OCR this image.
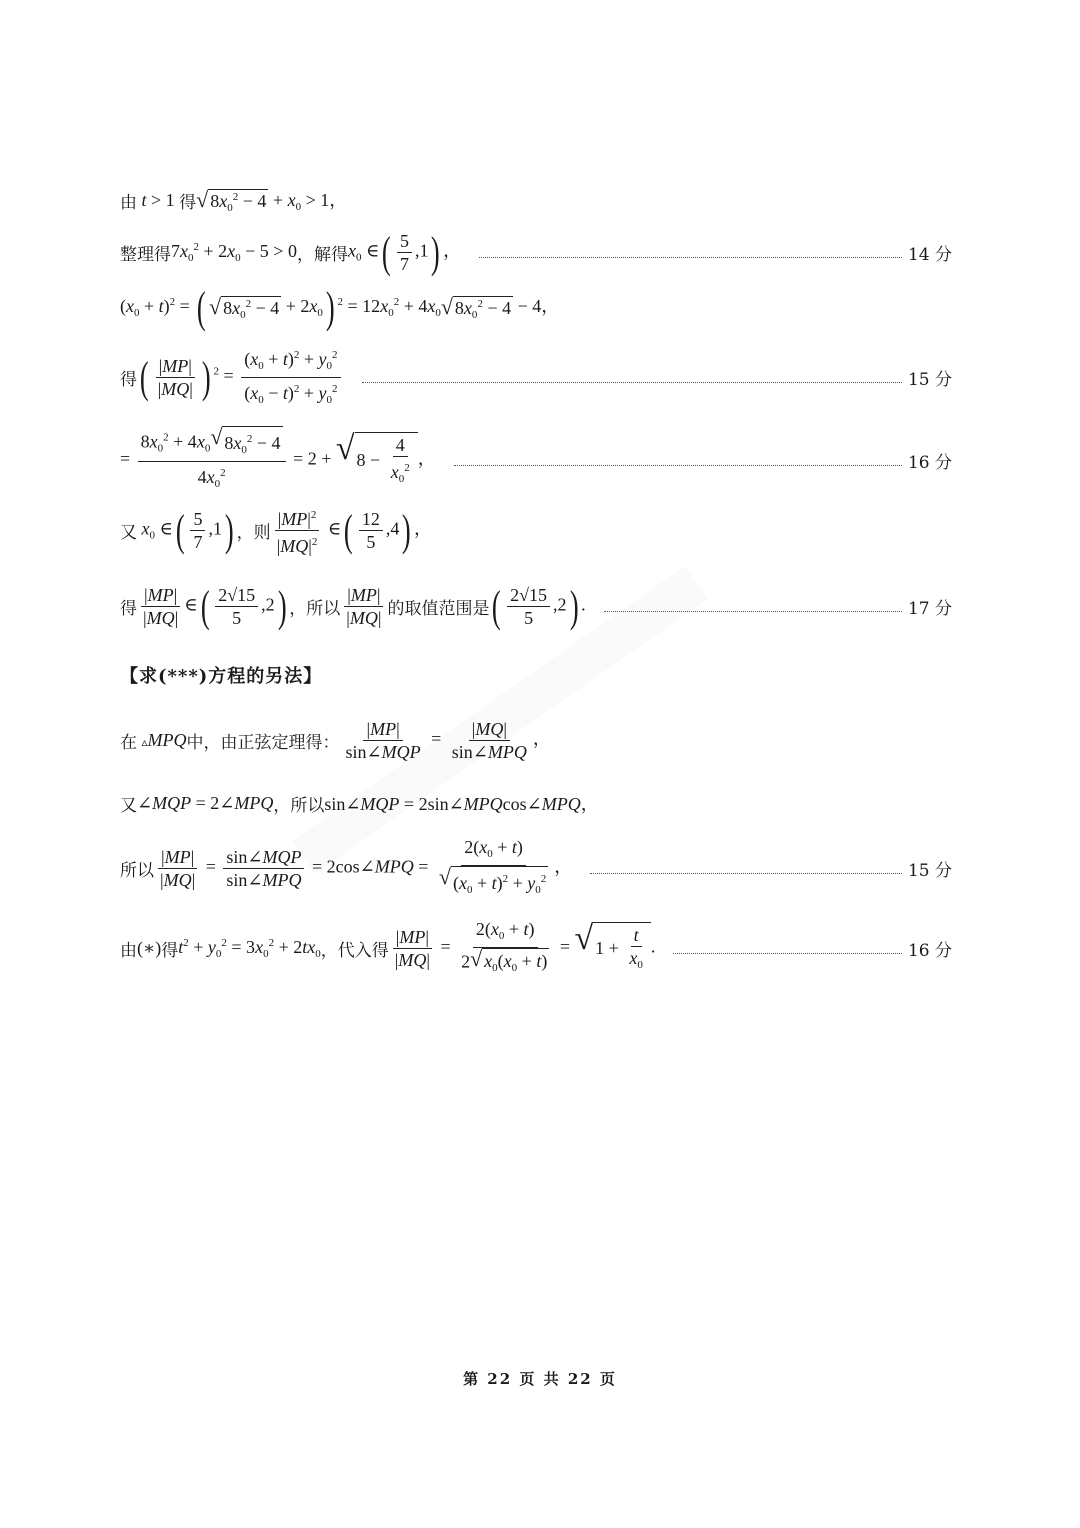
由 t > 1 得 √ $8x_0^2 - 4 + x_0 > 1$，
整理得 $7x_0^2 + 2x_0 - 5 > 0$ ，解得 $x_0$ ∈( $\frac{5}{7} ,1$) ，	14 分
$(x_0 + t)^2$ = ( √ $8x_0^2 - 4 + 2x_0$) $^2 = 12x_0^2 + 4x_0$ √ $8x_0^2 - 4 - 4$，
得 ( $\frac{|MP|}{|MQ|}$ ) $^2 = \frac{(x_0 + t)^2 + y_0^2}{(x_0 - t)^2 + y_0^2}$	15 分
= $\frac{8x_0^2 + 4x_0 √ 8x_0^2 - 4}{4x_0^2} = 2$ + √ $8 - \frac{4}{x_0^2}$ ，	16 分
又 $x_0$ ∈( $\frac{5}{7} ,1$) ，则 $\frac{|MP|^2}{|MQ|^2}$ ∈( $\frac{12}{5} ,4$) ，
得 $\frac{|MP|}{|MQ|}$ ∈( $\frac{2√15}{5} ,2$) ，所以 $\frac{|MP|}{|MQ|}$ 的取值范围是 ( $\frac{2√15}{5} ,2$) .	17 分
【求(***)方程的另法】
在 ▵MPQ 中，由正弦定理得： $\frac{|MP|}{\text{sin∠MQP}} = \frac{|MQ|}{\text{sin∠MPQ}}$ ，
又 ∠MQP = 2∠MPQ ，所以 sin∠MQP = 2sin∠MPQcos∠MPQ，
所以 $\frac{|MP|}{|MQ|} = \frac{\text{sin∠MQP}}{\text{sin∠MPQ}}$ = 2cos∠MPQ = $\frac{2(x_0 + t)}{√ (x_0 + t)^2 + y_0^2}$ ，	15 分
由 (∗) 得 $t^2 + y_0^2 = 3x_0^2 + 2tx_0$ ，代入得 $\frac{|MP|}{|MQ|} = \frac{2(x_0 + t)}{2 √ x_0(x_0 + t)}$ = √ $1 + \frac{t}{x_0}$ .	16 分
第 22 页 共 22 页
